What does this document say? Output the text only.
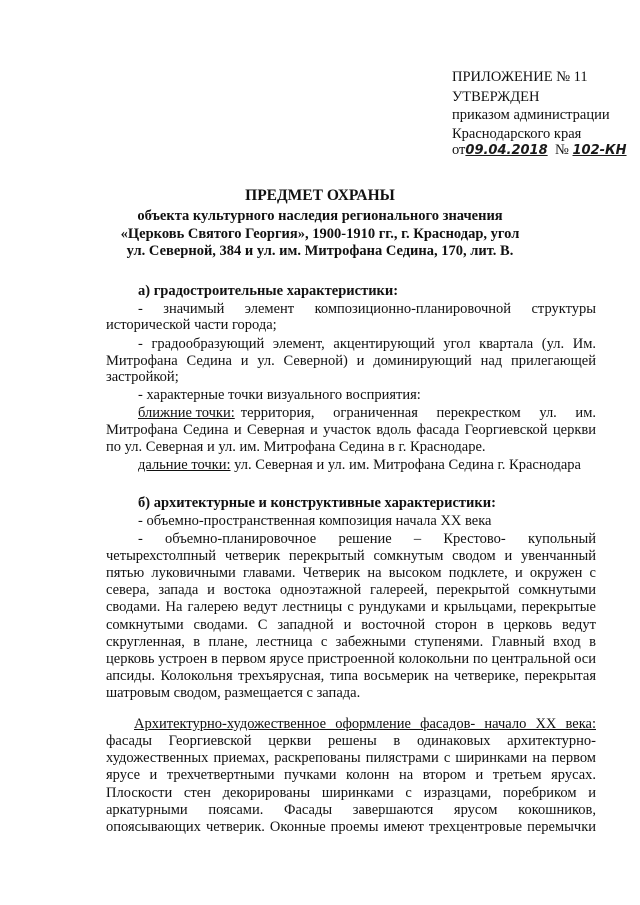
ПРИЛОЖЕНИЕ № 11
УТВЕРЖДЕН
приказом администрации
Краснодарского края
от09.04.2018 № 102-КН
ПРЕДМЕТ ОХРАНЫ
объекта культурного наследия регионального значения
«Церковь Святого Георгия», 1900-1910 гг., г. Краснодар, угол
ул. Северной, 384 и ул. им. Митрофана Седина, 170, лит. В.
а) градостроительные характеристики:
- значимый элемент композиционно-планировочной структуры
исторической части города;
- градообразующий элемент, акцентирующий угол квартала (ул. Им.
Митрофана Седина и ул. Северной) и доминирующий над прилегающей
застройкой;
- характерные точки визуального восприятия:
ближние точки: территория, ограниченная перекрестком ул. им.
Митрофана Седина и Северная и участок вдоль фасада Георгиевской церкви
по ул. Северная и ул. им. Митрофана Седина в г. Краснодаре.
дальние точки: ул. Северная и ул. им. Митрофана Седина г. Краснодара
б) архитектурные и конструктивные характеристики:
- объемно-пространственная композиция начала XX века
- объемно-планировочное решение – Крестово- купольный
четырехстолпный четверик перекрытый сомкнутым сводом и увенчанный
пятью луковичными главами. Четверик на высоком подклете, и окружен с
севера, запада и востока одноэтажной галереей, перекрытой сомкнутыми
сводами. На галерею ведут лестницы с рундуками и крыльцами, перекрытые
сомкнутыми сводами. С западной и восточной сторон в церковь ведут
скругленная, в плане, лестница с забежными ступенями. Главный вход в
церковь устроен в первом ярусе пристроенной колокольни по центральной оси
апсиды. Колокольня трехъярусная, типа восьмерик на четверике, перекрытая
шатровым сводом, размещается с запада.
Архитектурно-художественное оформление фасадов- начало XX века:
фасады Георгиевской церкви решены в одинаковых архитектурно-
художественных приемах, раскрепованы пилястрами с ширинками на первом
ярусе и трехчетвертными пучками колонн на втором и третьем ярусах.
Плоскости стен декорированы ширинками с изразцами, поребриком и
аркатурными поясами. Фасады завершаются ярусом кокошников,
опоясывающих четверик. Оконные проемы имеют трехцентровые перемычки
